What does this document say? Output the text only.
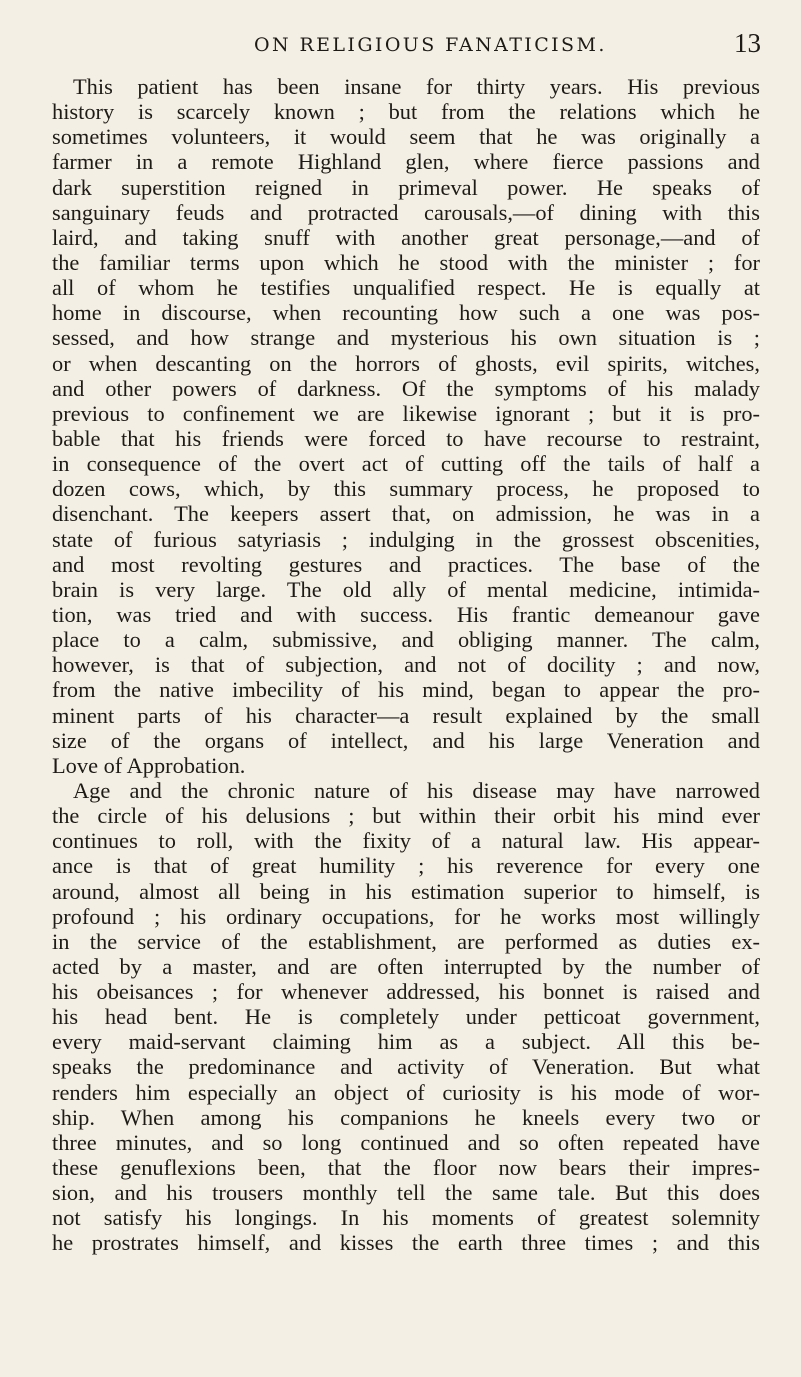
ON RELIGIOUS FANATICISM.	13
This patient has been insane for thirty years. His previous
history is scarcely known ; but from the relations which he
sometimes volunteers, it would seem that he was originally a
farmer in a remote Highland glen, where fierce passions and
dark superstition reigned in primeval power. He speaks of
sanguinary feuds and protracted carousals,—of dining with this
laird, and taking snuff with another great personage,—and of
the familiar terms upon which he stood with the minister ; for
all of whom he testifies unqualified respect. He is equally at
home in discourse, when recounting how such a one was pos-
sessed, and how strange and mysterious his own situation is ;
or when descanting on the horrors of ghosts, evil spirits, witches,
and other powers of darkness. Of the symptoms of his malady
previous to confinement we are likewise ignorant ; but it is pro-
bable that his friends were forced to have recourse to restraint,
in consequence of the overt act of cutting off the tails of half a
dozen cows, which, by this summary process, he proposed to
disenchant. The keepers assert that, on admission, he was in a
state of furious satyriasis ; indulging in the grossest obscenities,
and most revolting gestures and practices. The base of the
brain is very large. The old ally of mental medicine, intimida-
tion, was tried and with success. His frantic demeanour gave
place to a calm, submissive, and obliging manner. The calm,
however, is that of subjection, and not of docility ; and now,
from the native imbecility of his mind, began to appear the pro-
minent parts of his character—a result explained by the small
size of the organs of intellect, and his large Veneration and
Love of Approbation.
Age and the chronic nature of his disease may have narrowed
the circle of his delusions ; but within their orbit his mind ever
continues to roll, with the fixity of a natural law. His appear-
ance is that of great humility ; his reverence for every one
around, almost all being in his estimation superior to himself, is
profound ; his ordinary occupations, for he works most willingly
in the service of the establishment, are performed as duties ex-
acted by a master, and are often interrupted by the number of
his obeisances ; for whenever addressed, his bonnet is raised and
his head bent. He is completely under petticoat government,
every maid-servant claiming him as a subject. All this be-
speaks the predominance and activity of Veneration. But what
renders him especially an object of curiosity is his mode of wor-
ship. When among his companions he kneels every two or
three minutes, and so long continued and so often repeated have
these genuflexions been, that the floor now bears their impres-
sion, and his trousers monthly tell the same tale. But this does
not satisfy his longings. In his moments of greatest solemnity
he prostrates himself, and kisses the earth three times ; and this
